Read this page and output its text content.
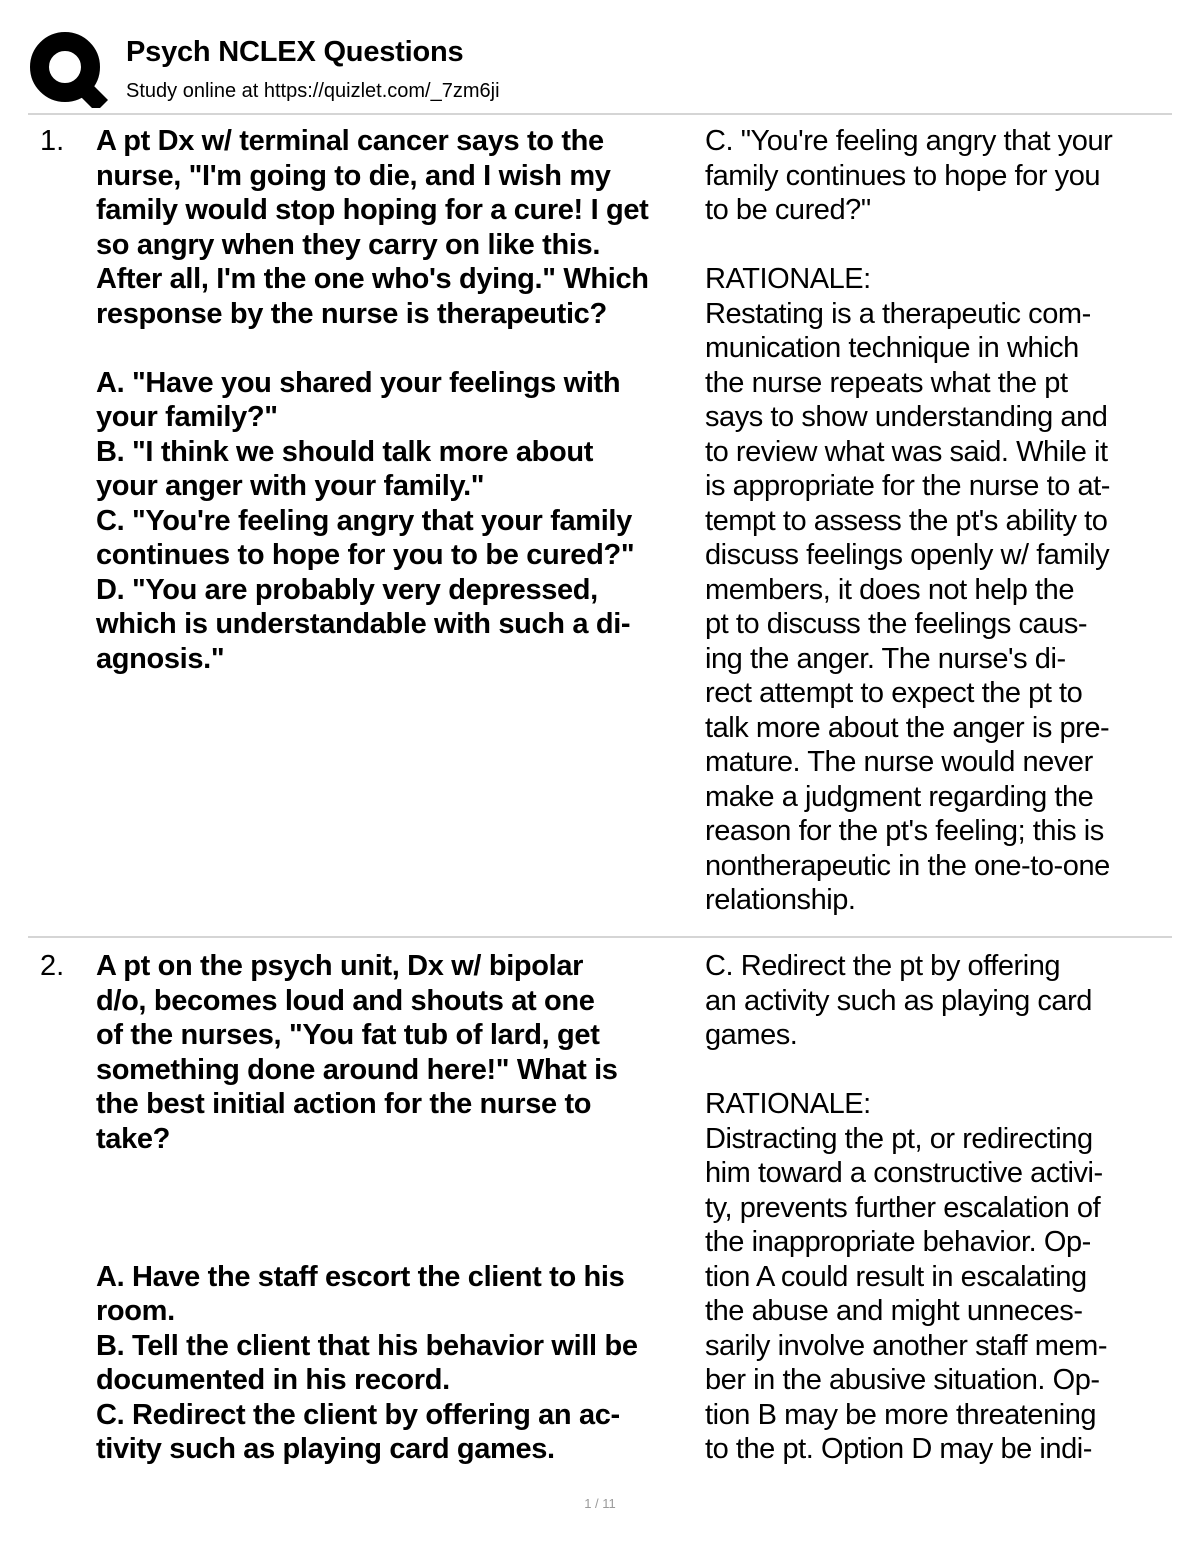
Psych NCLEX Questions
Study online at https://quizlet.com/_7zm6ji
1. A pt Dx w/ terminal cancer says to the
nurse, "I'm going to die, and I wish my
family would stop hoping for a cure! I get
so angry when they carry on like this.
After all, I'm the one who's dying." Which
response by the nurse is therapeutic?

A. "Have you shared your feelings with
your family?"
B. "I think we should talk more about
your anger with your family."
C. "You're feeling angry that your family
continues to hope for you to be cured?"
D. "You are probably very depressed,
which is understandable with such a di-
agnosis."
C. "You're feeling angry that your
family continues to hope for you
to be cured?"

RATIONALE:
Restating is a therapeutic com-
munication technique in which
the nurse repeats what the pt
says to show understanding and
to review what was said. While it
is appropriate for the nurse to at-
tempt to assess the pt's ability to
discuss feelings openly w/ family
members, it does not help the
pt to discuss the feelings caus-
ing the anger. The nurse's di-
rect attempt to expect the pt to
talk more about the anger is pre-
mature. The nurse would never
make a judgment regarding the
reason for the pt's feeling; this is
nontherapeutic in the one-to-one
relationship.
2. A pt on the psych unit, Dx w/ bipolar
d/o, becomes loud and shouts at one
of the nurses, "You fat tub of lard, get
something done around here!" What is
the best initial action for the nurse to
take?

A. Have the staff escort the client to his
room.
B. Tell the client that his behavior will be
documented in his record.
C. Redirect the client by offering an ac-
tivity such as playing card games.
C. Redirect the pt by offering
an activity such as playing card
games.

RATIONALE:
Distracting the pt, or redirecting
him toward a constructive activi-
ty, prevents further escalation of
the inappropriate behavior. Op-
tion A could result in escalating
the abuse and might unneces-
sarily involve another staff mem-
ber in the abusive situation. Op-
tion B may be more threatening
to the pt. Option D may be indi-
1 / 11
